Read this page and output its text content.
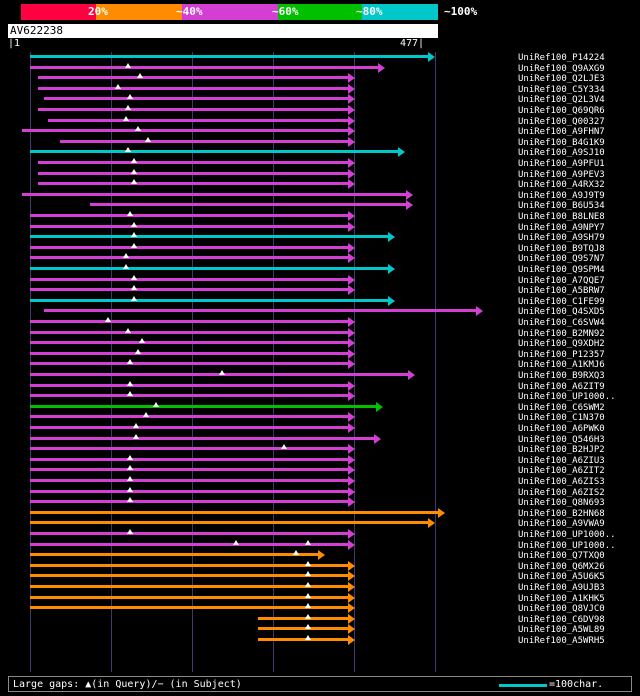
20%	~40%	~60%	~80%	~100%
AV622238
|1	477|
UniRef100_P14224
UniRef100_Q9AXG9
UniRef100_Q2LJE3
UniRef100_C5Y334
UniRef100_Q2L3V4
UniRef100_Q69QR6
UniRef100_Q00327
UniRef100_A9FHN7
UniRef100_B4G1K9
UniRef100_A9SJ10
UniRef100_A9PFU1
UniRef100_A9PEV3
UniRef100_A4RX32
UniRef100_A9J9T9
UniRef100_B6U534
UniRef100_B8LNE8
UniRef100_A9NPY7
UniRef100_A9SH79
UniRef100_B9TQJ8
UniRef100_Q9S7N7
UniRef100_Q9SPM4
UniRef100_A7QQE7
UniRef100_A5BRW7
UniRef100_C1FE99
UniRef100_Q4SXD5
UniRef100_C6SVW4
UniRef100_B2MN92
UniRef100_Q9XDH2
UniRef100_P12357
UniRef100_A1KMJ6
UniRef100_B9RXQ3
UniRef100_A6ZIT9
UniRef100_UP1000..
UniRef100_C6SWM2
UniRef100_C1N370
UniRef100_A6PWK0
UniRef100_Q546H3
UniRef100_B2HJP2
UniRef100_A6ZIU3
UniRef100_A6ZIT2
UniRef100_A6ZIS3
UniRef100_A6ZIS2
UniRef100_Q8N693
UniRef100_B2HN68
UniRef100_A9VWA9
UniRef100_UP1000..
UniRef100_UP1000..
UniRef100_Q7TXQ0
UniRef100_Q6MX26
UniRef100_A5U6K5
UniRef100_A9UJB3
UniRef100_A1KHK5
UniRef100_Q8VJC0
UniRef100_C6DV98
UniRef100_A5WL89
UniRef100_A5WRH5
Large gaps: ▲(in Query)/− (in Subject)	=100char.
